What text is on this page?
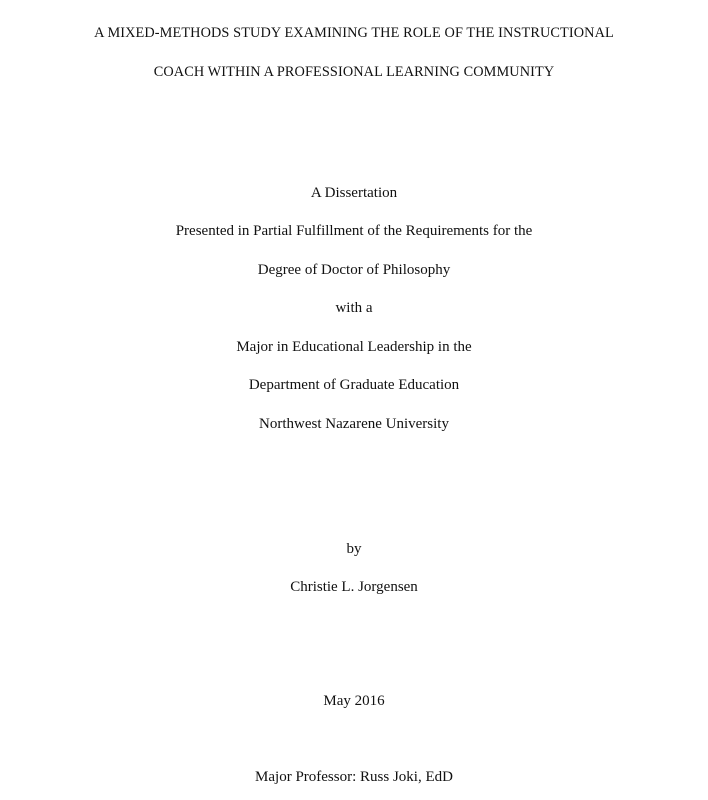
A MIXED-METHODS STUDY EXAMINING THE ROLE OF THE INSTRUCTIONAL
COACH WITHIN A PROFESSIONAL LEARNING COMMUNITY
A Dissertation
Presented in Partial Fulfillment of the Requirements for the
Degree of Doctor of Philosophy
with a
Major in Educational Leadership in the
Department of Graduate Education
Northwest Nazarene University
by
Christie L. Jorgensen
May 2016
Major Professor: Russ Joki, EdD
